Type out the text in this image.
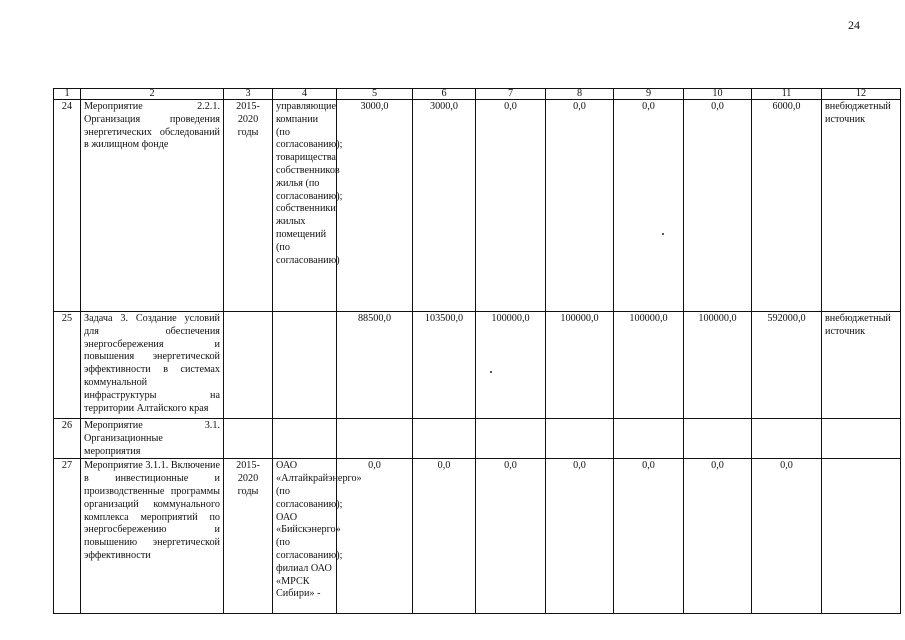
24
1	2	3	4	5	6	7	8	9	10	11	12
24	Мероприятие 2.2.1. Организация проведения энергетических обследований в жилищном фонде	2015-
2020
годы	управляющие компании (по согласованию); товарищества собственников жилья (по согласованию); собственники жилых помещений (по согласованию)	3000,0	3000,0	0,0	0,0	0,0	0,0	6000,0	внебюджетный источник
25	Задача 3. Создание условий для обеспечения энергосбережения и повышения энергетической эффективности в системах коммунальной инфраструктуры на территории Алтайского края			88500,0	103500,0	100000,0	100000,0	100000,0	100000,0	592000,0	внебюджетный источник
26	Мероприятие 3.1. Организационные мероприятия										
27	Мероприятие 3.1.1. Включение в инвестиционные и производственные программы организаций коммунального комплекса мероприятий по энергосбережению и повышению энергетической эффективности	2015-
2020
годы	ОАО «Алтайкрайэнерго» (по согласованию); ОАО «Бийскэнерго» (по согласованию); филиал ОАО «МРСК Сибири» -	0,0	0,0	0,0	0,0	0,0	0,0	0,0	
